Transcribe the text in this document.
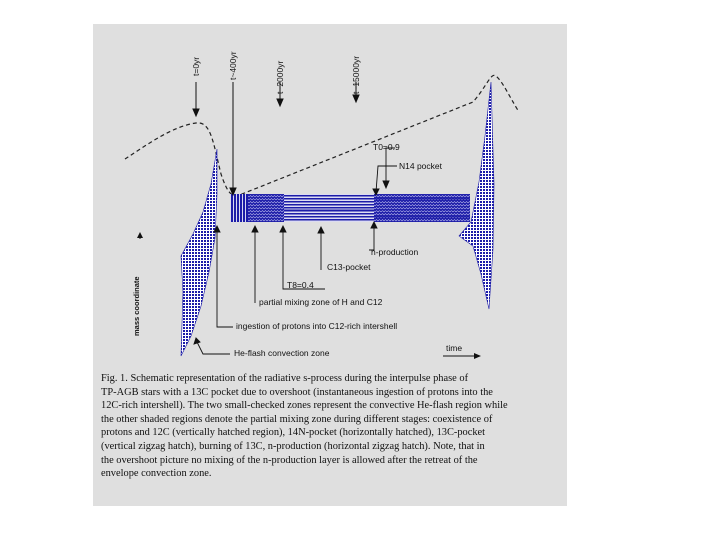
t=0yr	t~400yr	t~2000yr	t~15000yr
T0=0.9
N14 pocket
n-production
C13-pocket
T8=0.4
partial mixing zone of H and C12
ingestion of protons into C12-rich intershell
He-flash convection zone	time
mass coordinate

Fig. 1. Schematic representation of the radiative s-process during the interpulse phase of

TP-AGB stars with a 13C pocket due to overshoot (instantaneous ingestion of protons into the

12C-rich intershell). The two small-checked zones represent the convective He-flash region while

the other shaded regions denote the partial mixing zone during different stages: coexistence of

protons and 12C (vertically hatched region), 14N-pocket (horizontally hatched), 13C-pocket

(vertical zigzag hatch), burning of 13C, n-production (horizontal zigzag hatch). Note, that in

the overshoot picture no mixing of the n-production layer is allowed after the retreat of the

envelope convection zone.
